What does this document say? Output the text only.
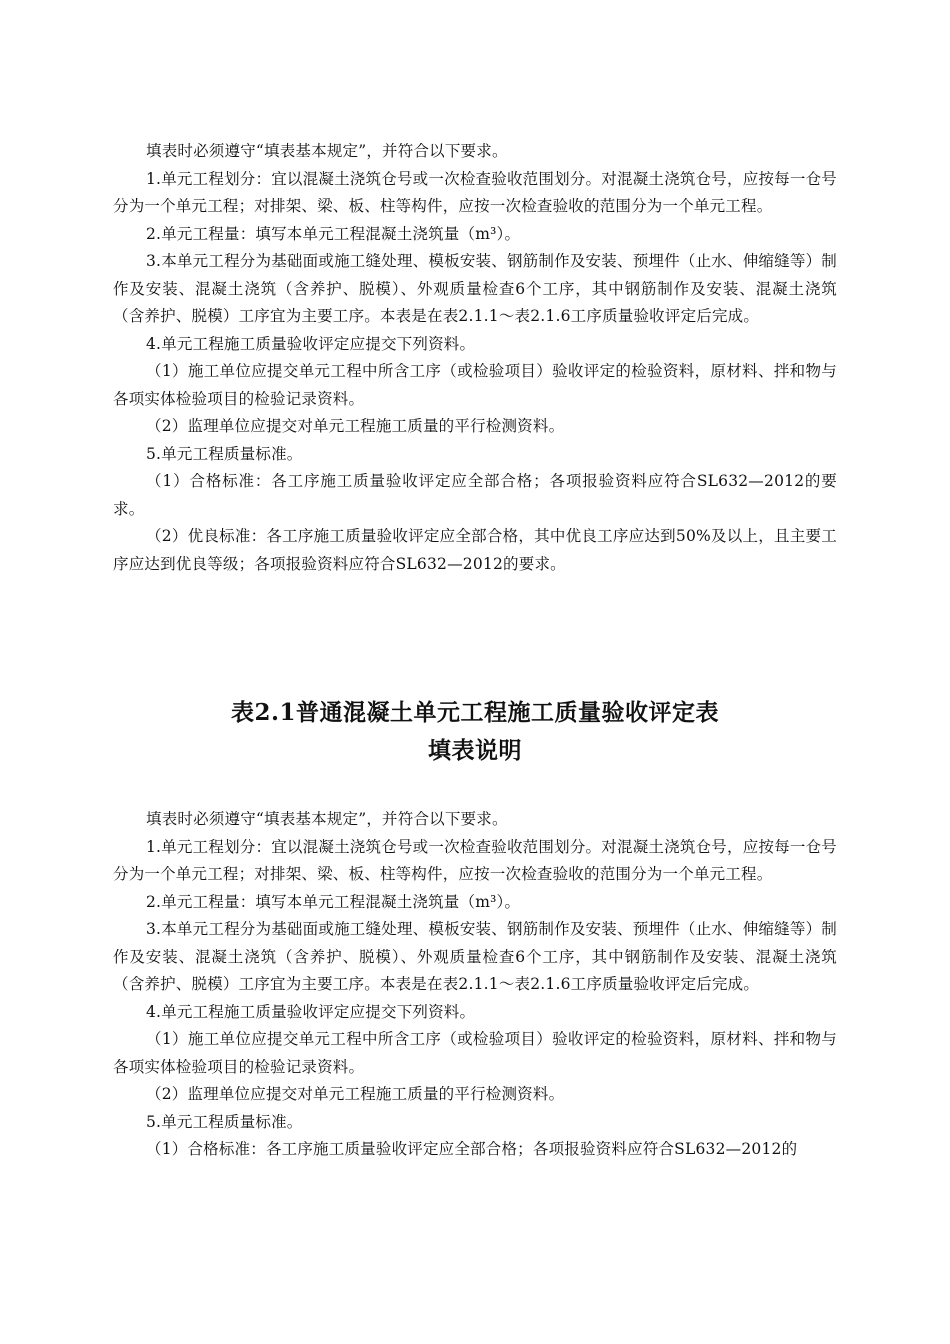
填表时必须遵守“填表基本规定”，并符合以下要求。

1.单元工程划分：宜以混凝土浇筑仓号或一次检查验收范围划分。对混凝土浇筑仓号，应按每一仓号分为一个单元工程；对排架、梁、板、柱等构件，应按一次检查验收的范围分为一个单元工程。

2.单元工程量：填写本单元工程混凝土浇筑量（m³）。

3.本单元工程分为基础面或施工缝处理、模板安装、钢筋制作及安装、预埋件（止水、伸缩缝等）制作及安装、混凝土浇筑（含养护、脱模）、外观质量检查6个工序，其中钢筋制作及安装、混凝土浇筑（含养护、脱模）工序宜为主要工序。本表是在表2.1.1～表2.1.6工序质量验收评定后完成。

4.单元工程施工质量验收评定应提交下列资料。

（1）施工单位应提交单元工程中所含工序（或检验项目）验收评定的检验资料，原材料、拌和物与各项实体检验项目的检验记录资料。

（2）监理单位应提交对单元工程施工质量的平行检测资料。

5.单元工程质量标准。

（1）合格标准：各工序施工质量验收评定应全部合格；各项报验资料应符合SL632—2012的要求。

（2）优良标准：各工序施工质量验收评定应全部合格，其中优良工序应达到50%及以上，且主要工序应达到优良等级；各项报验资料应符合SL632—2012的要求。

表2.1普通混凝土单元工程施工质量验收评定表
填表说明

填表时必须遵守“填表基本规定”，并符合以下要求。

1.单元工程划分：宜以混凝土浇筑仓号或一次检查验收范围划分。对混凝土浇筑仓号，应按每一仓号分为一个单元工程；对排架、梁、板、柱等构件，应按一次检查验收的范围分为一个单元工程。

2.单元工程量：填写本单元工程混凝土浇筑量（m³）。

3.本单元工程分为基础面或施工缝处理、模板安装、钢筋制作及安装、预埋件（止水、伸缩缝等）制作及安装、混凝土浇筑（含养护、脱模）、外观质量检查6个工序，其中钢筋制作及安装、混凝土浇筑（含养护、脱模）工序宜为主要工序。本表是在表2.1.1～表2.1.6工序质量验收评定后完成。

4.单元工程施工质量验收评定应提交下列资料。

（1）施工单位应提交单元工程中所含工序（或检验项目）验收评定的检验资料，原材料、拌和物与各项实体检验项目的检验记录资料。

（2）监理单位应提交对单元工程施工质量的平行检测资料。

5.单元工程质量标准。

（1）合格标准：各工序施工质量验收评定应全部合格；各项报验资料应符合SL632—2012的
